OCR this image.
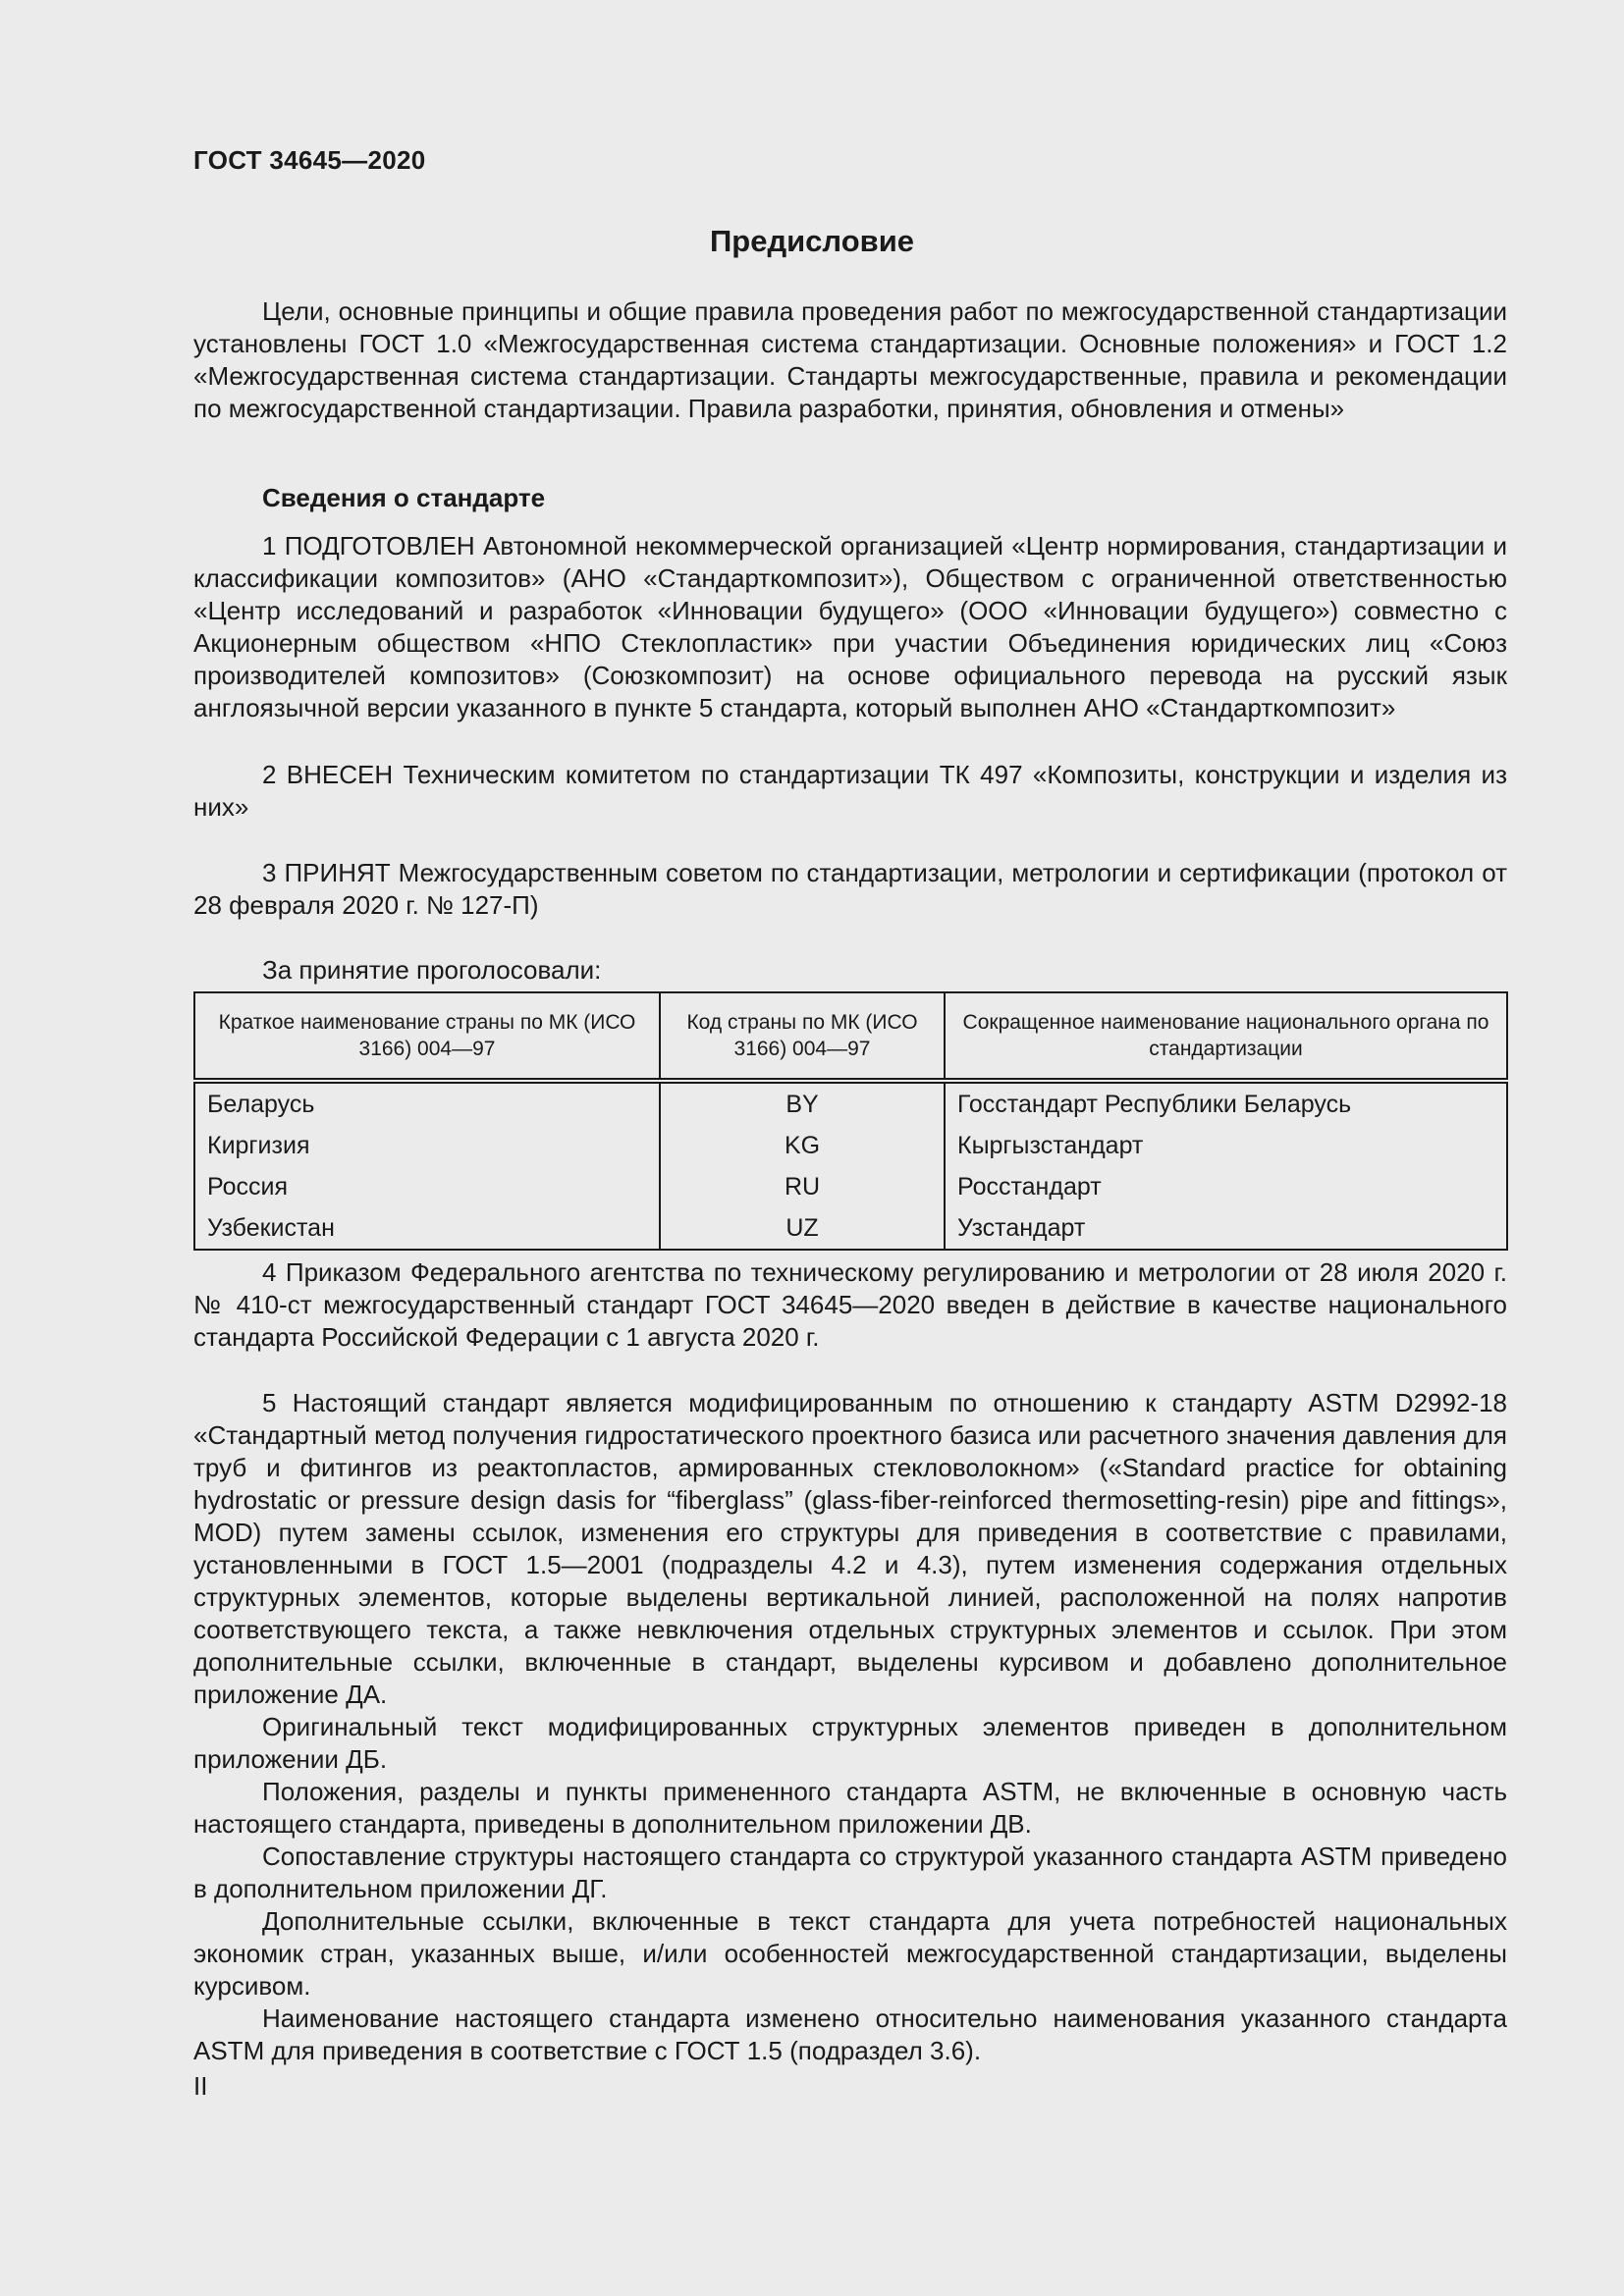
ГОСТ 34645—2020
Предисловие

Цели, основные принципы и общие правила проведения работ по межгосударственной стандартизации установлены ГОСТ 1.0 «Межгосударственная система стандартизации. Основные положения» и ГОСТ 1.2 «Межгосударственная система стандартизации. Стандарты межгосударственные, правила и рекомендации по межгосударственной стандартизации. Правила разработки, принятия, обновления и отмены»

Сведения о стандарте

1 ПОДГОТОВЛЕН Автономной некоммерческой организацией «Центр нормирования, стандартизации и классификации композитов» (АНО «Стандарткомпозит»), Обществом с ограниченной ответственностью «Центр исследований и разработок «Инновации будущего» (ООО «Инновации будущего») совместно с Акционерным обществом «НПО Стеклопластик» при участии Объединения юридических лиц «Союз производителей композитов» (Союзкомпозит) на основе официального перевода на русский язык англоязычной версии указанного в пункте 5 стандарта, который выполнен АНО «Стандарткомпозит»

2 ВНЕСЕН Техническим комитетом по стандартизации ТК 497 «Композиты, конструкции и изделия из них»

3 ПРИНЯТ Межгосударственным советом по стандартизации, метрологии и сертификации (протокол от 28 февраля 2020 г. № 127-П)

За принятие проголосовали:
Краткое наименование страны по МК (ИСО 3166) 004—97	Код страны по МК (ИСО 3166) 004—97	Сокращенное наименование национального органа по стандартизации
Беларусь	BY	Госстандарт Республики Беларусь
Киргизия	KG	Кыргызстандарт
Россия	RU	Росстандарт
Узбекистан	UZ	Узстандарт

4 Приказом Федерального агентства по техническому регулированию и метрологии от 28 июля 2020 г. № 410-ст межгосударственный стандарт ГОСТ 34645—2020 введен в действие в качестве национального стандарта Российской Федерации с 1 августа 2020 г.

5 Настоящий стандарт является модифицированным по отношению к стандарту ASTM D2992-18 «Стандартный метод получения гидростатического проектного базиса или расчетного значения давления для труб и фитингов из реактопластов, армированных стекловолокном» («Standard practice for obtaining hydrostatic or pressure design dasis for “fiberglass” (glass-fiber-reinforced thermosetting-resin) pipe and fittings», MOD) путем замены ссылок, изменения его структуры для приведения в соответствие с правилами, установленными в ГОСТ 1.5—2001 (подразделы 4.2 и 4.3), путем изменения содержания отдельных структурных элементов, которые выделены вертикальной линией, расположенной на полях напротив соответствующего текста, а также невключения отдельных структурных элементов и ссылок. При этом дополнительные ссылки, включенные в стандарт, выделены курсивом и добавлено дополнительное приложение ДА.

Оригинальный текст модифицированных структурных элементов приведен в дополнительном приложении ДБ.

Положения, разделы и пункты примененного стандарта ASTM, не включенные в основную часть настоящего стандарта, приведены в дополнительном приложении ДВ.

Сопоставление структуры настоящего стандарта со структурой указанного стандарта ASTM приведено в дополнительном приложении ДГ.

Дополнительные ссылки, включенные в текст стандарта для учета потребностей национальных экономик стран, указанных выше, и/или особенностей межгосударственной стандартизации, выделены курсивом.

Наименование настоящего стандарта изменено относительно наименования указанного стандарта ASTM для приведения в соответствие с ГОСТ 1.5 (подраздел 3.6).

II
